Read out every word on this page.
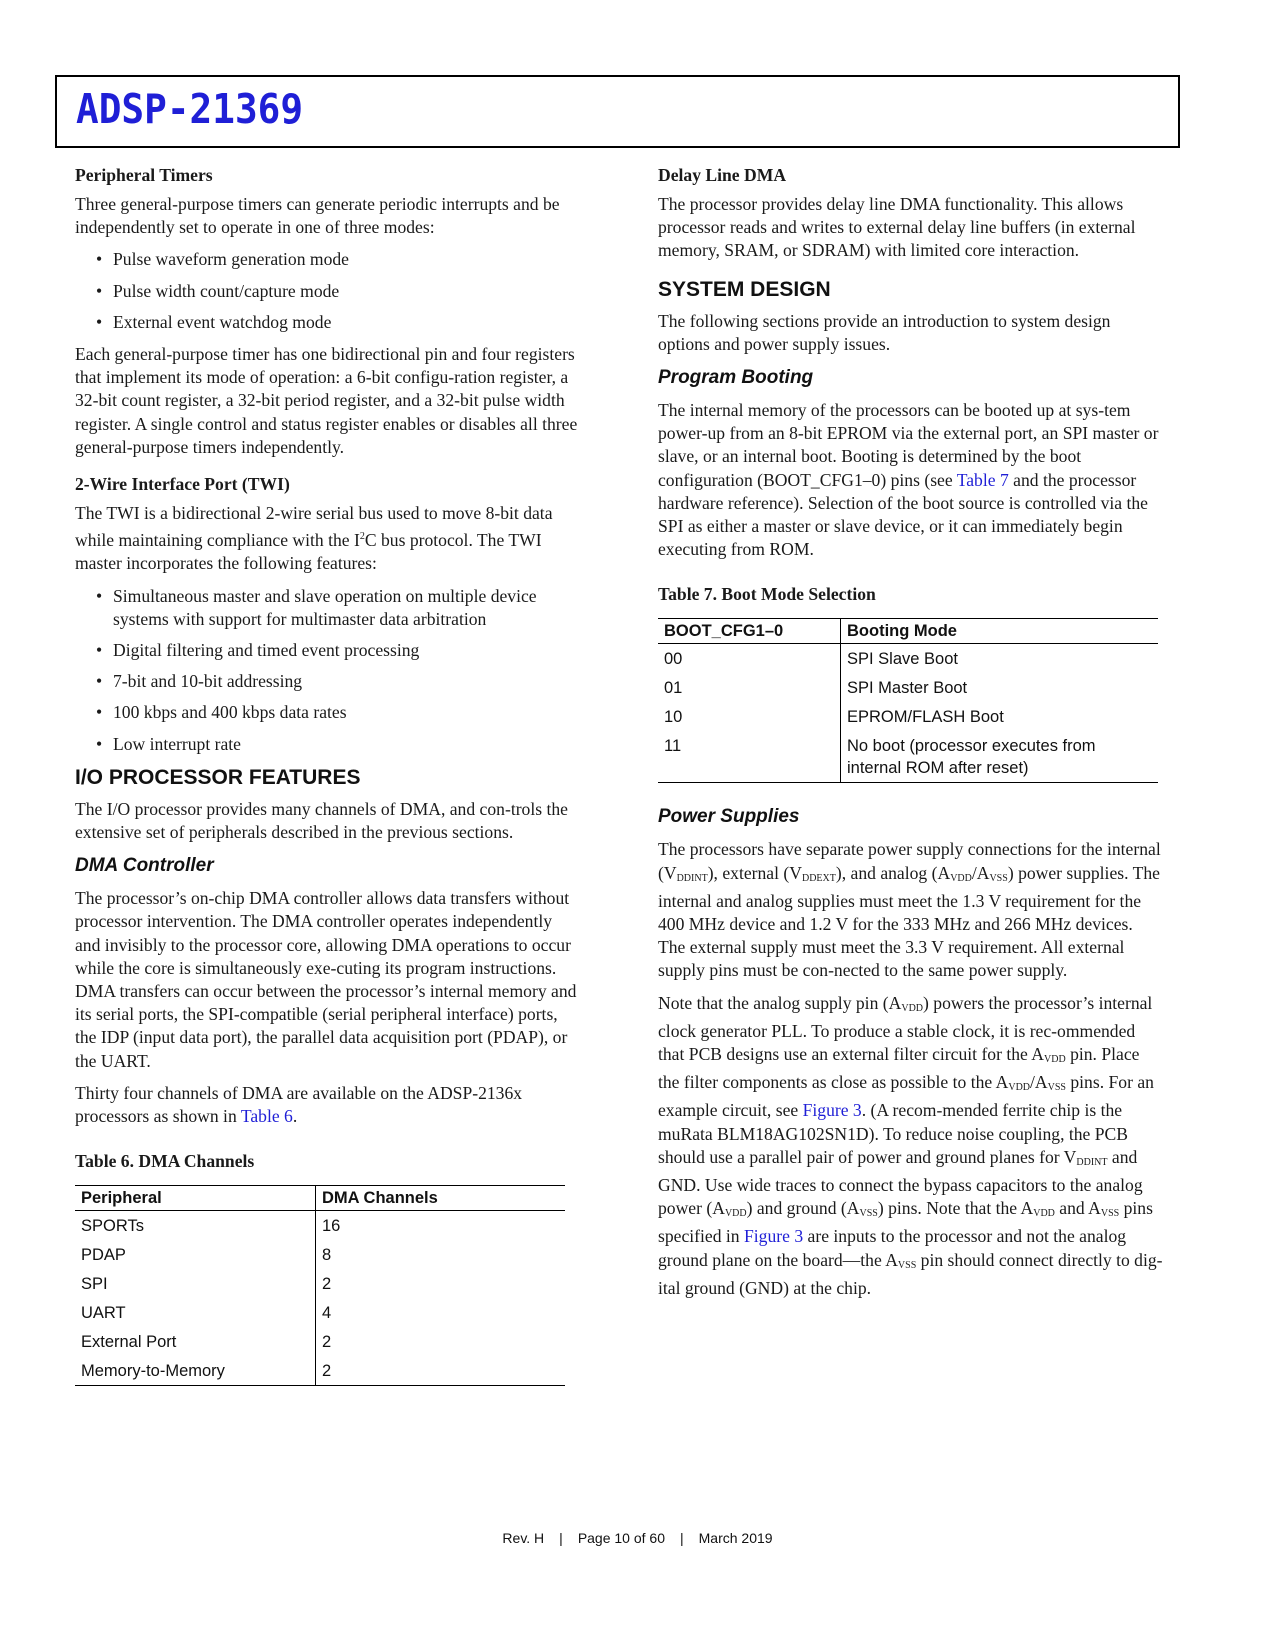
ADSP-21369
Peripheral Timers

Three general-purpose timers can generate periodic interrupts and be independently set to operate in one of three modes:

• Pulse waveform generation mode
• Pulse width count/capture mode
• External event watchdog mode

Each general-purpose timer has one bidirectional pin and four registers that implement its mode of operation: a 6-bit configu-ration register, a 32-bit count register, a 32-bit period register, and a 32-bit pulse width register. A single control and status register enables or disables all three general-purpose timers independently.

2-Wire Interface Port (TWI)

The TWI is a bidirectional 2-wire serial bus used to move 8-bit data while maintaining compliance with the $I^2C$ bus protocol. The TWI master incorporates the following features:

• Simultaneous master and slave operation on multiple device systems with support for multimaster data arbitration
• Digital filtering and timed event processing
• 7-bit and 10-bit addressing
• 100 kbps and 400 kbps data rates
• Low interrupt rate
I/O PROCESSOR FEATURES

The I/O processor provides many channels of DMA, and con-trols the extensive set of peripherals described in the previous sections.

DMA Controller

The processor’s on-chip DMA controller allows data transfers without processor intervention. The DMA controller operates independently and invisibly to the processor core, allowing DMA operations to occur while the core is simultaneously exe-cuting its program instructions. DMA transfers can occur between the processor’s internal memory and its serial ports, the SPI-compatible (serial peripheral interface) ports, the IDP (input data port), the parallel data acquisition port (PDAP), or the UART.

Thirty four channels of DMA are available on the ADSP-2136x processors as shown in Table 6.

Table 6. DMA Channels
Peripheral	DMA Channels
SPORTs	16
PDAP	8
SPI	2
UART	4
External Port	2
Memory-to-Memory	2
Delay Line DMA

The processor provides delay line DMA functionality. This allows processor reads and writes to external delay line buffers (in external memory, SRAM, or SDRAM) with limited core interaction.

SYSTEM DESIGN

The following sections provide an introduction to system design options and power supply issues.

Program Booting

The internal memory of the processors can be booted up at sys-tem power-up from an 8-bit EPROM via the external port, an SPI master or slave, or an internal boot. Booting is determined by the boot configuration (BOOT_CFG1–0) pins (see Table 7 and the processor hardware reference). Selection of the boot source is controlled via the SPI as either a master or slave device, or it can immediately begin executing from ROM.

Table 7. Boot Mode Selection
BOOT_CFG1–0	Booting Mode
00	SPI Slave Boot
01	SPI Master Boot
10	EPROM/FLASH Boot
11	No boot (processor executes from internal ROM after reset)
Power Supplies

The processors have separate power supply connections for the internal $(V_{DDINT})$, external $(V_{DDEXT})$, and analog $(A_{VDD}/A_{VSS})$ power supplies. The internal and analog supplies must meet the 1.3 V requirement for the 400 MHz device and 1.2 V for the 333 MHz and 266 MHz devices. The external supply must meet the 3.3 V requirement. All external supply pins must be con-nected to the same power supply.

Note that the analog supply pin $(A_{VDD})$ powers the processor’s internal clock generator PLL. To produce a stable clock, it is rec-ommended that PCB designs use an external filter circuit for the $A_{VDD}$ pin. Place the filter components as close as possible to the $A_{VDD}/A_{VSS}$ pins. For an example circuit, see Figure 3. (A recom-mended ferrite chip is the muRata BLM18AG102SN1D). To reduce noise coupling, the PCB should use a parallel pair of power and ground planes for $V_{DDINT}$ and GND. Use wide traces to connect the bypass capacitors to the analog power $(A_{VDD})$ and ground $(A_{VSS})$ pins. Note that the $A_{VDD}$ and $A_{VSS}$ pins specified in Figure 3 are inputs to the processor and not the analog ground plane on the board—the $A_{VSS}$ pin should connect directly to dig-ital ground (GND) at the chip.

Rev. H | Page 10 of 60 | March 2019
